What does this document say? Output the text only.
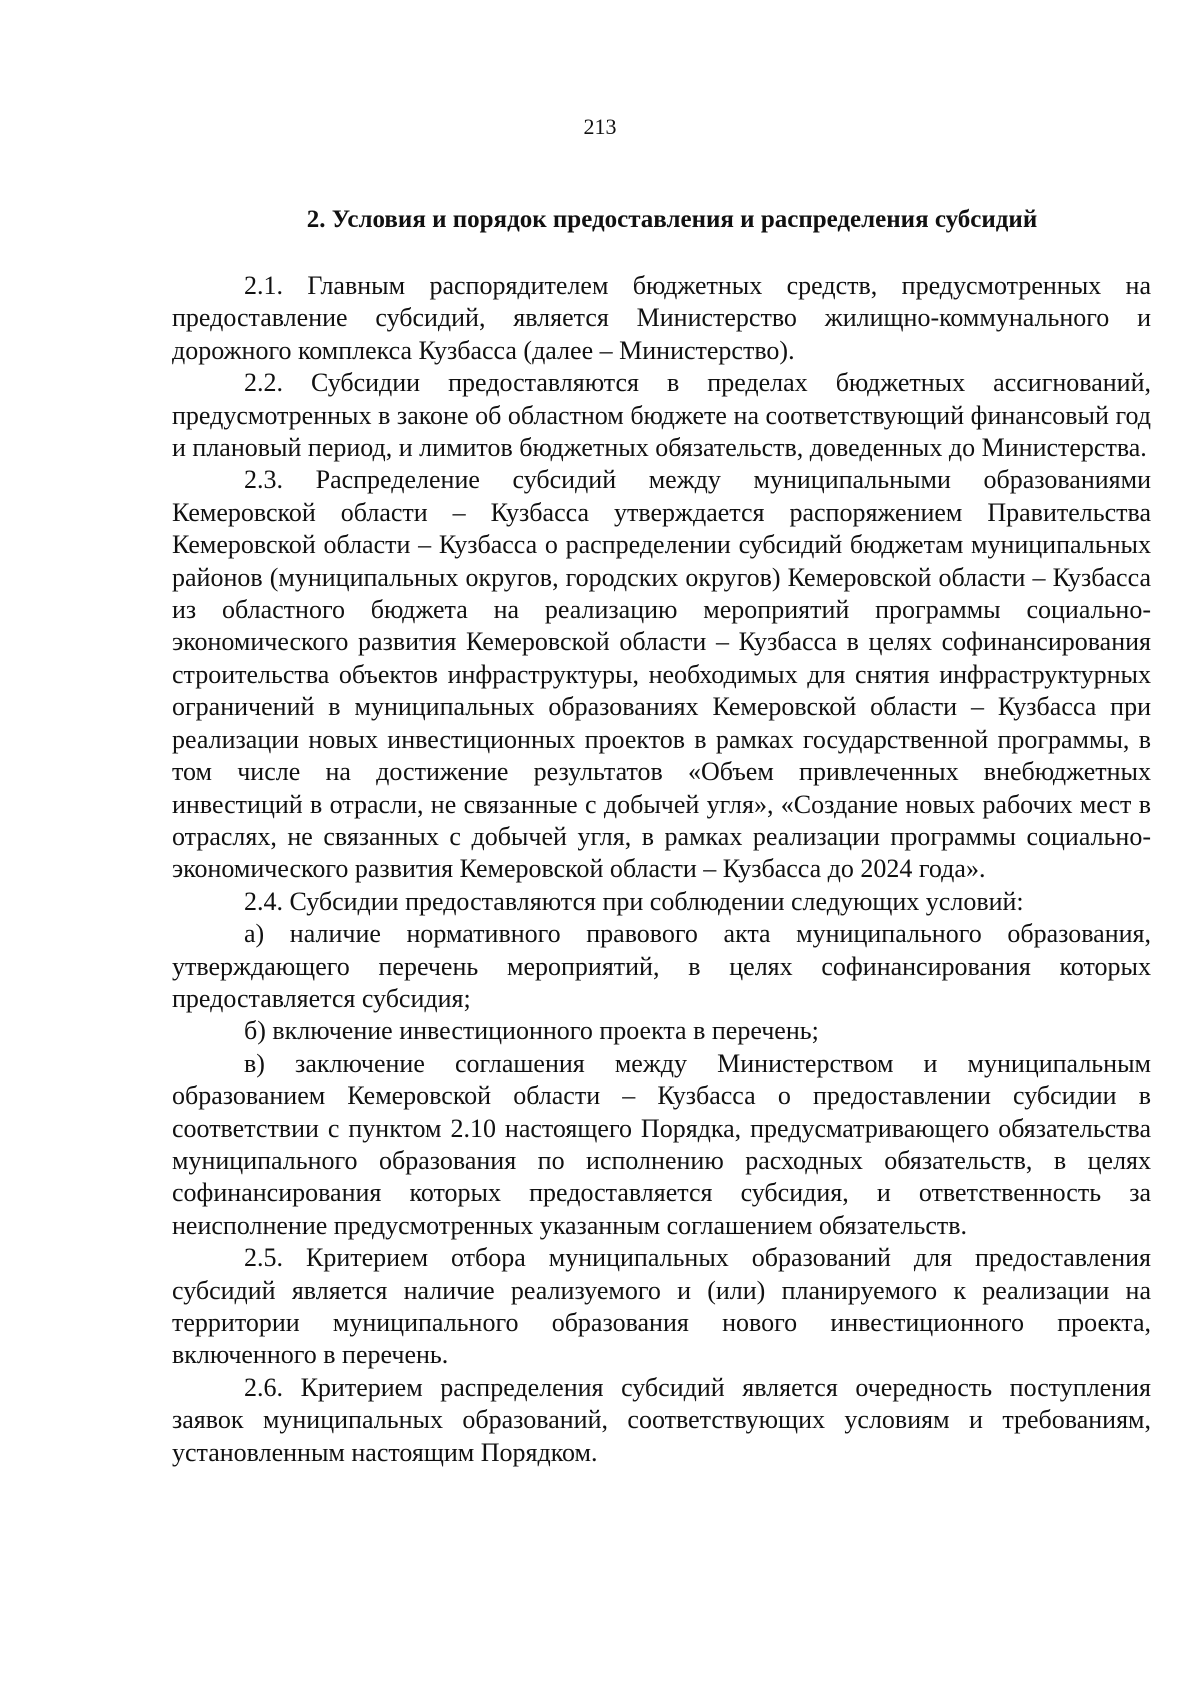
213
2. Условия и порядок предоставления и распределения субсидий

2.1. Главным распорядителем бюджетных средств, предусмотренных на предоставление субсидий, является Министерство жилищно-коммунального и дорожного комплекса Кузбасса (далее – Министерство).

2.2. Субсидии предоставляются в пределах бюджетных ассигнований, предусмотренных в законе об областном бюджете на соответствующий финансовый год и плановый период, и лимитов бюджетных обязательств, доведенных до Министерства.

2.3. Распределение субсидий между муниципальными образованиями Кемеровской области – Кузбасса утверждается распоряжением Правительства Кемеровской области – Кузбасса о распределении субсидий бюджетам муниципальных районов (муниципальных округов, городских округов) Кемеровской области – Кузбасса из областного бюджета на реализацию мероприятий программы социально-экономического развития Кемеровской области – Кузбасса в целях софинансирования строительства объектов инфраструктуры, необходимых для снятия инфраструктурных ограничений в муниципальных образованиях Кемеровской области – Кузбасса при реализации новых инвестиционных проектов в рамках государственной программы, в том числе на достижение результатов «Объем привлеченных внебюджетных инвестиций в отрасли, не связанные с добычей угля», «Создание новых рабочих мест в отраслях, не связанных с добычей угля, в рамках реализации программы социально-экономического развития Кемеровской области – Кузбасса до 2024 года».

2.4. Субсидии предоставляются при соблюдении следующих условий:

а) наличие нормативного правового акта муниципального образования, утверждающего перечень мероприятий, в целях софинансирования которых предоставляется субсидия;

б) включение инвестиционного проекта в перечень;

в) заключение соглашения между Министерством и муниципальным образованием Кемеровской области – Кузбасса о предоставлении субсидии в соответствии с пунктом 2.10 настоящего Порядка, предусматривающего обязательства муниципального образования по исполнению расходных обязательств, в целях софинансирования которых предоставляется субсидия, и ответственность за неисполнение предусмотренных указанным соглашением обязательств.

2.5. Критерием отбора муниципальных образований для предоставления субсидий является наличие реализуемого и (или) планируемого к реализации на территории муниципального образования нового инвестиционного проекта, включенного в перечень.

2.6. Критерием распределения субсидий является очередность поступления заявок муниципальных образований, соответствующих условиям и требованиям, установленным настоящим Порядком.
